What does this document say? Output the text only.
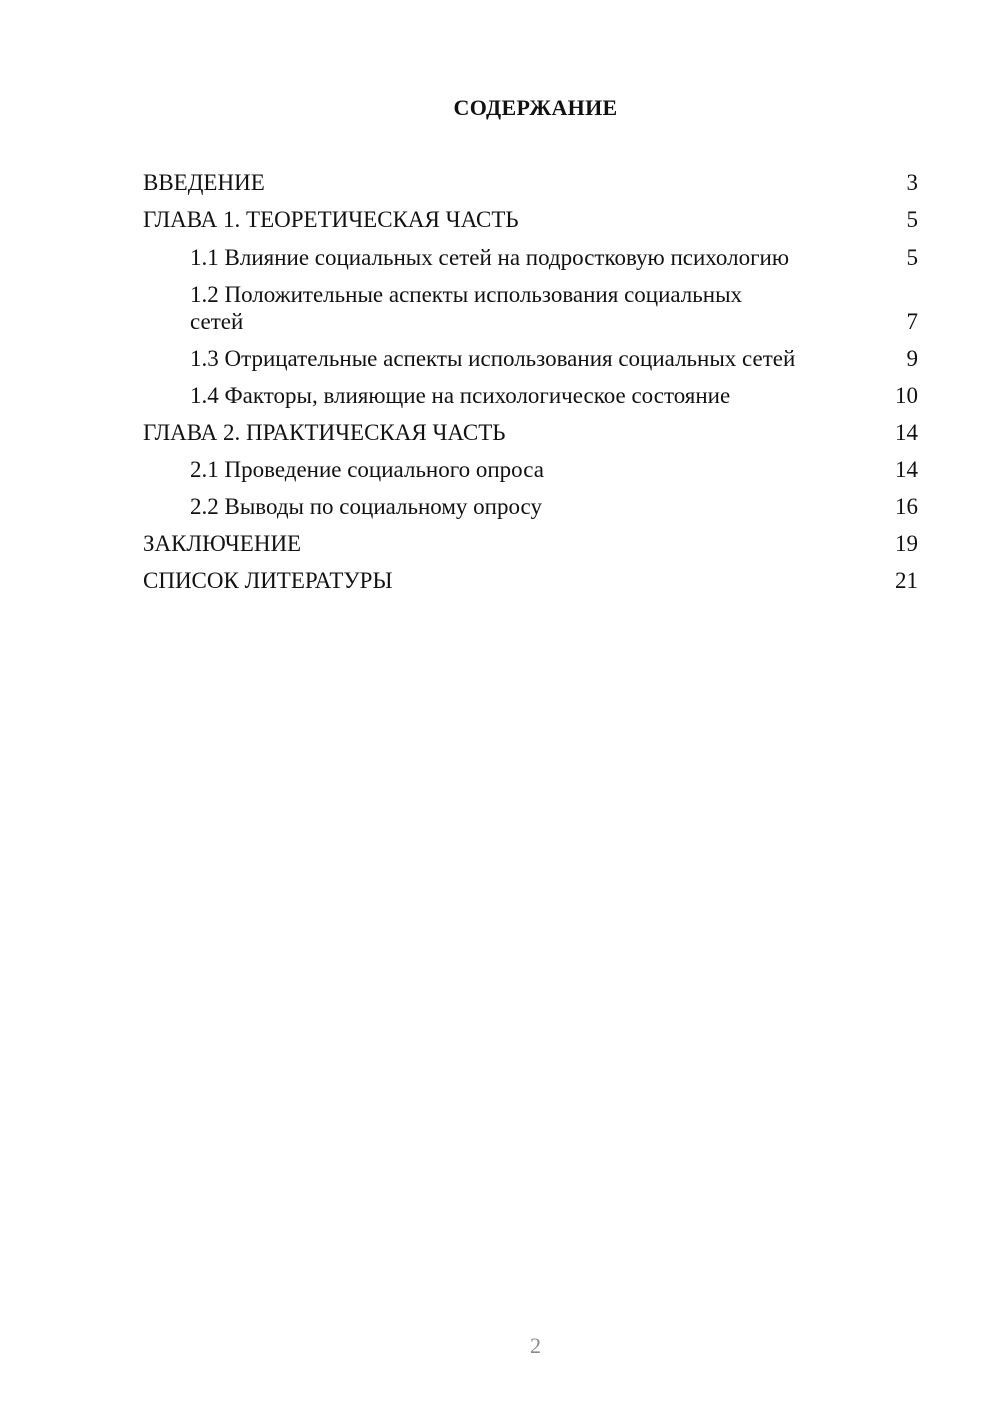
СОДЕРЖАНИЕ
ВВЕДЕНИЕ	3
ГЛАВА 1. ТЕОРЕТИЧЕСКАЯ ЧАСТЬ	5
1.1 Влияние социальных сетей на подростковую психологию	5
1.2 Положительные аспекты использования социальных сетей	7
1.3 Отрицательные аспекты использования социальных сетей	9
1.4 Факторы, влияющие на психологическое состояние	10
ГЛАВА 2. ПРАКТИЧЕСКАЯ ЧАСТЬ	14
2.1 Проведение социального опроса	14
2.2 Выводы по социальному опросу	16
ЗАКЛЮЧЕНИЕ	19
СПИСОК ЛИТЕРАТУРЫ	21
2
